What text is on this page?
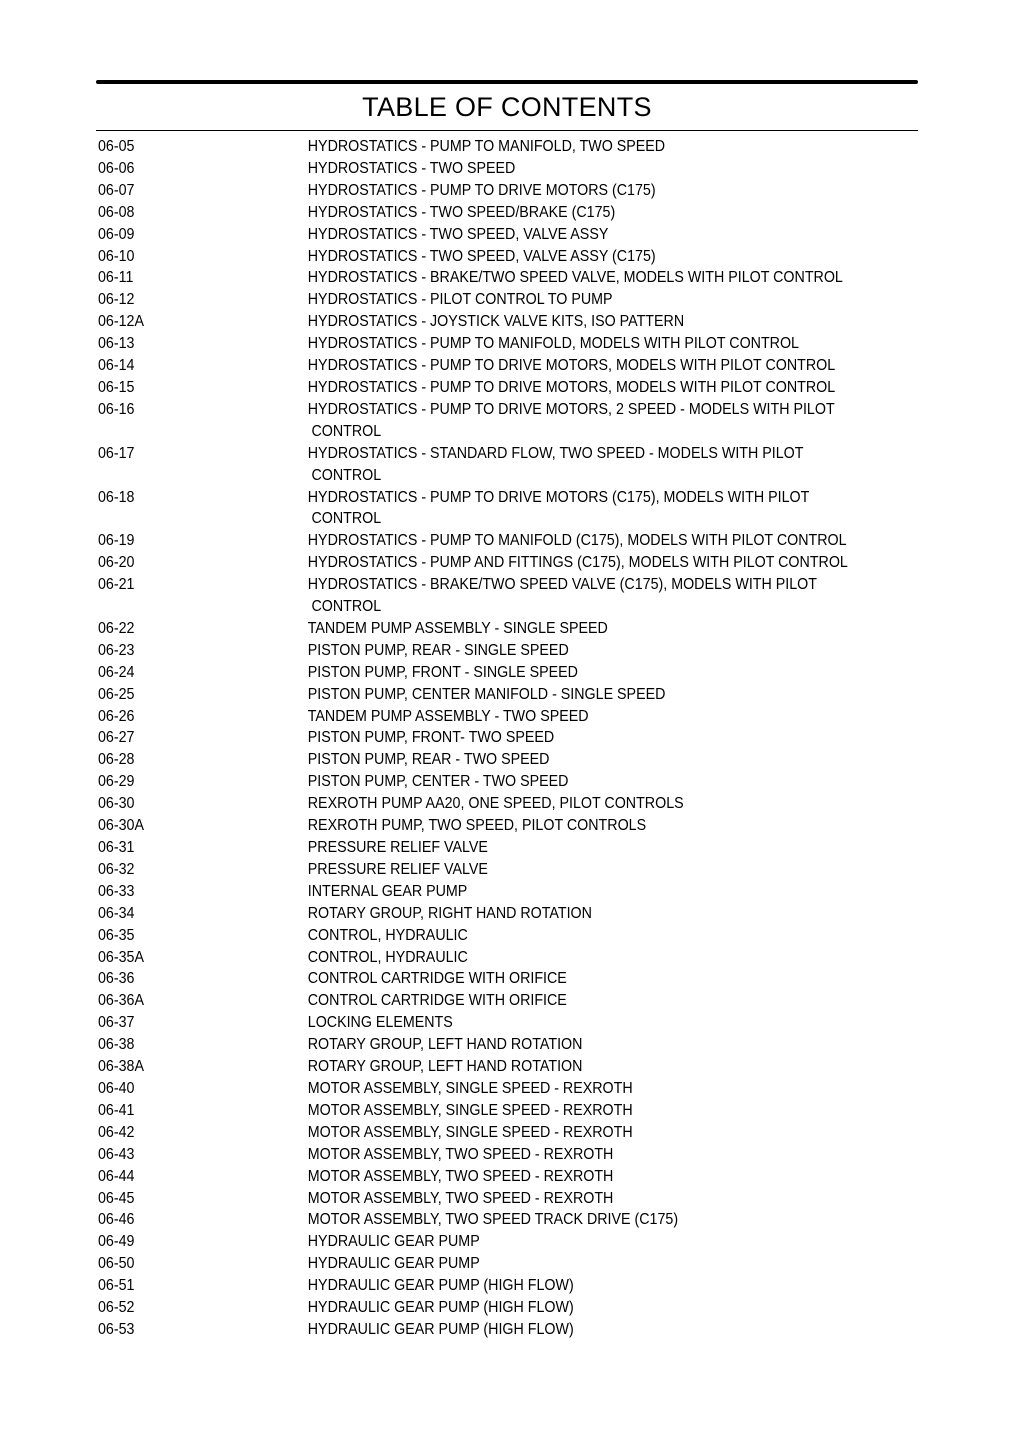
TABLE OF CONTENTS
06-05	HYDROSTATICS - PUMP TO MANIFOLD, TWO SPEED
06-06	HYDROSTATICS - TWO SPEED
06-07	HYDROSTATICS - PUMP TO DRIVE MOTORS (C175)
06-08	HYDROSTATICS - TWO SPEED/BRAKE (C175)
06-09	HYDROSTATICS - TWO SPEED, VALVE ASSY
06-10	HYDROSTATICS - TWO SPEED, VALVE ASSY (C175)
06-11	HYDROSTATICS - BRAKE/TWO SPEED VALVE, MODELS WITH PILOT CONTROL
06-12	HYDROSTATICS - PILOT CONTROL TO PUMP
06-12A	HYDROSTATICS - JOYSTICK VALVE KITS, ISO PATTERN
06-13	HYDROSTATICS - PUMP TO MANIFOLD, MODELS WITH PILOT CONTROL
06-14	HYDROSTATICS - PUMP TO DRIVE MOTORS, MODELS WITH PILOT CONTROL
06-15	HYDROSTATICS - PUMP TO DRIVE MOTORS, MODELS WITH PILOT CONTROL
06-16	HYDROSTATICS - PUMP TO DRIVE MOTORS, 2 SPEED - MODELS WITH PILOT
CONTROL
06-17	HYDROSTATICS - STANDARD FLOW, TWO SPEED - MODELS WITH PILOT
CONTROL
06-18	HYDROSTATICS - PUMP TO DRIVE MOTORS (C175), MODELS WITH PILOT
CONTROL
06-19	HYDROSTATICS - PUMP TO MANIFOLD (C175), MODELS WITH PILOT CONTROL
06-20	HYDROSTATICS - PUMP AND FITTINGS (C175), MODELS WITH PILOT CONTROL
06-21	HYDROSTATICS - BRAKE/TWO SPEED VALVE (C175), MODELS WITH PILOT
CONTROL
06-22	TANDEM PUMP ASSEMBLY - SINGLE SPEED
06-23	PISTON PUMP, REAR - SINGLE SPEED
06-24	PISTON PUMP, FRONT - SINGLE SPEED
06-25	PISTON PUMP, CENTER MANIFOLD - SINGLE SPEED
06-26	TANDEM PUMP ASSEMBLY - TWO SPEED
06-27	PISTON PUMP, FRONT- TWO SPEED
06-28	PISTON PUMP, REAR - TWO SPEED
06-29	PISTON PUMP, CENTER - TWO SPEED
06-30	REXROTH PUMP AA20, ONE SPEED, PILOT CONTROLS
06-30A	REXROTH PUMP, TWO SPEED, PILOT CONTROLS
06-31	PRESSURE RELIEF VALVE
06-32	PRESSURE RELIEF VALVE
06-33	INTERNAL GEAR PUMP
06-34	ROTARY GROUP, RIGHT HAND ROTATION
06-35	CONTROL, HYDRAULIC
06-35A	CONTROL, HYDRAULIC
06-36	CONTROL CARTRIDGE WITH ORIFICE
06-36A	CONTROL CARTRIDGE WITH ORIFICE
06-37	LOCKING ELEMENTS
06-38	ROTARY GROUP, LEFT HAND ROTATION
06-38A	ROTARY GROUP, LEFT HAND ROTATION
06-40	MOTOR ASSEMBLY, SINGLE SPEED - REXROTH
06-41	MOTOR ASSEMBLY, SINGLE SPEED - REXROTH
06-42	MOTOR ASSEMBLY, SINGLE SPEED - REXROTH
06-43	MOTOR ASSEMBLY, TWO SPEED - REXROTH
06-44	MOTOR ASSEMBLY, TWO SPEED - REXROTH
06-45	MOTOR ASSEMBLY, TWO SPEED - REXROTH
06-46	MOTOR ASSEMBLY, TWO SPEED TRACK DRIVE (C175)
06-49	HYDRAULIC GEAR PUMP
06-50	HYDRAULIC GEAR PUMP
06-51	HYDRAULIC GEAR PUMP (HIGH FLOW)
06-52	HYDRAULIC GEAR PUMP (HIGH FLOW)
06-53	HYDRAULIC GEAR PUMP (HIGH FLOW)
